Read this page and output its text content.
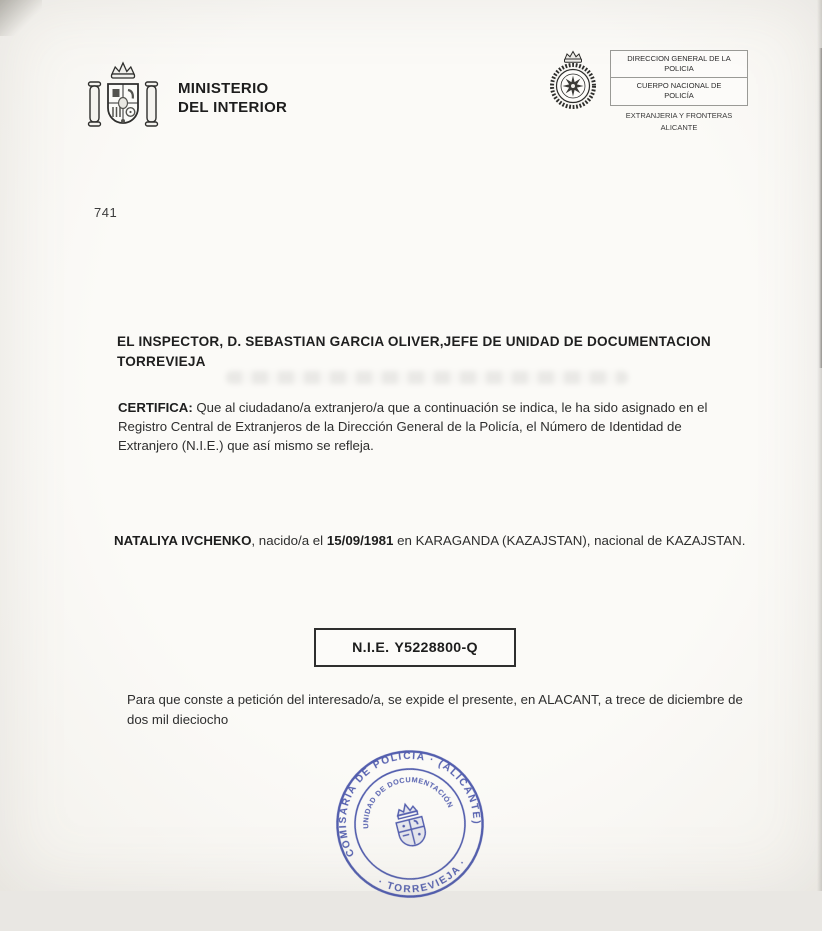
MINISTERIO
DEL INTERIOR
DIRECCION GENERAL DE LA
POLICIA
CUERPO NACIONAL DE
POLICÍA
EXTRANJERIA Y FRONTERAS
ALICANTE
741

EL INSPECTOR, D. SEBASTIAN GARCIA OLIVER,JEFE DE UNIDAD DE DOCUMENTACION TORREVIEJA

CERTIFICA: Que al ciudadano/a extranjero/a que a continuación se indica, le ha sido asignado en el Registro Central de Extranjeros de la Dirección General de la Policía, el Número de Identidad de Extranjero (N.I.E.) que así mismo se refleja.

NATALIYA IVCHENKO, nacido/a el 15/09/1981 en KARAGANDA (KAZAJSTAN), nacional de KAZAJSTAN.

N.I.E. Y5228800-Q

Para que conste a petición del interesado/a, se expide el presente, en ALACANT, a trece de diciembre de dos mil dieciocho

COMISARIA DE POLICIA · (ALICANTE)
· TORREVIEJA ·
UNIDAD DE DOCUMENTACIÓN
